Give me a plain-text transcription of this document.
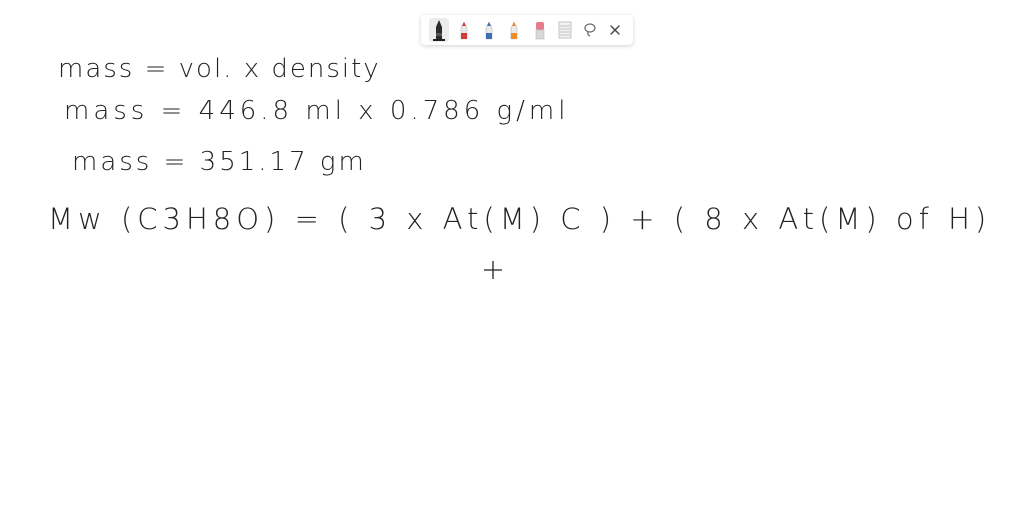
mass = vol. x density

mass = 446.8 ml x 0.786 g/ml

mass = 351.17 gm

Mw (C3H8O) = ( 3 x At(M) C ) + ( 8 x At(M) of H)
